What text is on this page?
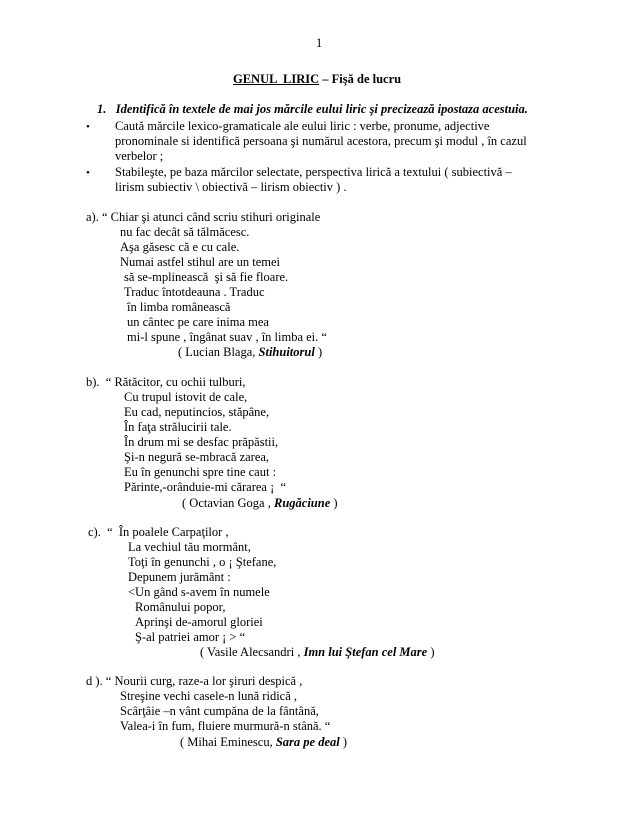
1
GENUL  LIRIC – Fişă de lucru
1.   Identifică în textele de mai jos mărcile eului liric şi precizează ipostaza acestuia.
• Caută mărcile lexico-gramaticale ale eului liric : verbe, pronume, adjective
pronominale si identifică persoana şi numărul acestora, precum şi modul , în cazul
verbelor ;
• Stabileşte, pe baza mărcilor selectate, perspectiva lirică a textului ( subiectivă –
lirism subiectiv \ obiectivă – lirism obiectiv ) .
a). “ Chiar şi atunci când scriu stihuri originale
nu fac decât să tălmăcesc.
Aşa găsesc că e cu cale.
Numai astfel stihul are un temei
să se-mplinească  şi să fie floare.
Traduc întotdeauna . Traduc
în limba românească
un cântec pe care inima mea
mi-l spune , îngânat suav , în limba ei. “
( Lucian Blaga, Stihuitorul )
b).  “ Rătăcitor, cu ochii tulburi,
Cu trupul istovit de cale,
Eu cad, neputincios, stăpâne,
În faţa strălucirii tale.
În drum mi se desfac prăpăstii,
Şi-n negură se-mbracă zarea,
Eu în genunchi spre tine caut :
Părinte,-orânduie-mi cărarea ¡  “
( Octavian Goga , Rugăciune )
c).  “  În poalele Carpaţilor ,
La vechiul tău mormânt,
Toţi în genunchi , o ¡ Ştefane,
Depunem jurământ :
<Un gând s-avem în numele
Românului popor,
Aprinşi de-amorul gloriei
Ş-al patriei amor ¡ > “
( Vasile Alecsandri , Imn lui Ştefan cel Mare )
d ). “ Nourii curg, raze-a lor şiruri despică ,
Streşine vechi casele-n lună ridică ,
Scârţâie –n vânt cumpăna de la fântână,
Valea-i în fum, fluiere murmură-n stână. “
( Mihai Eminescu, Sara pe deal )
